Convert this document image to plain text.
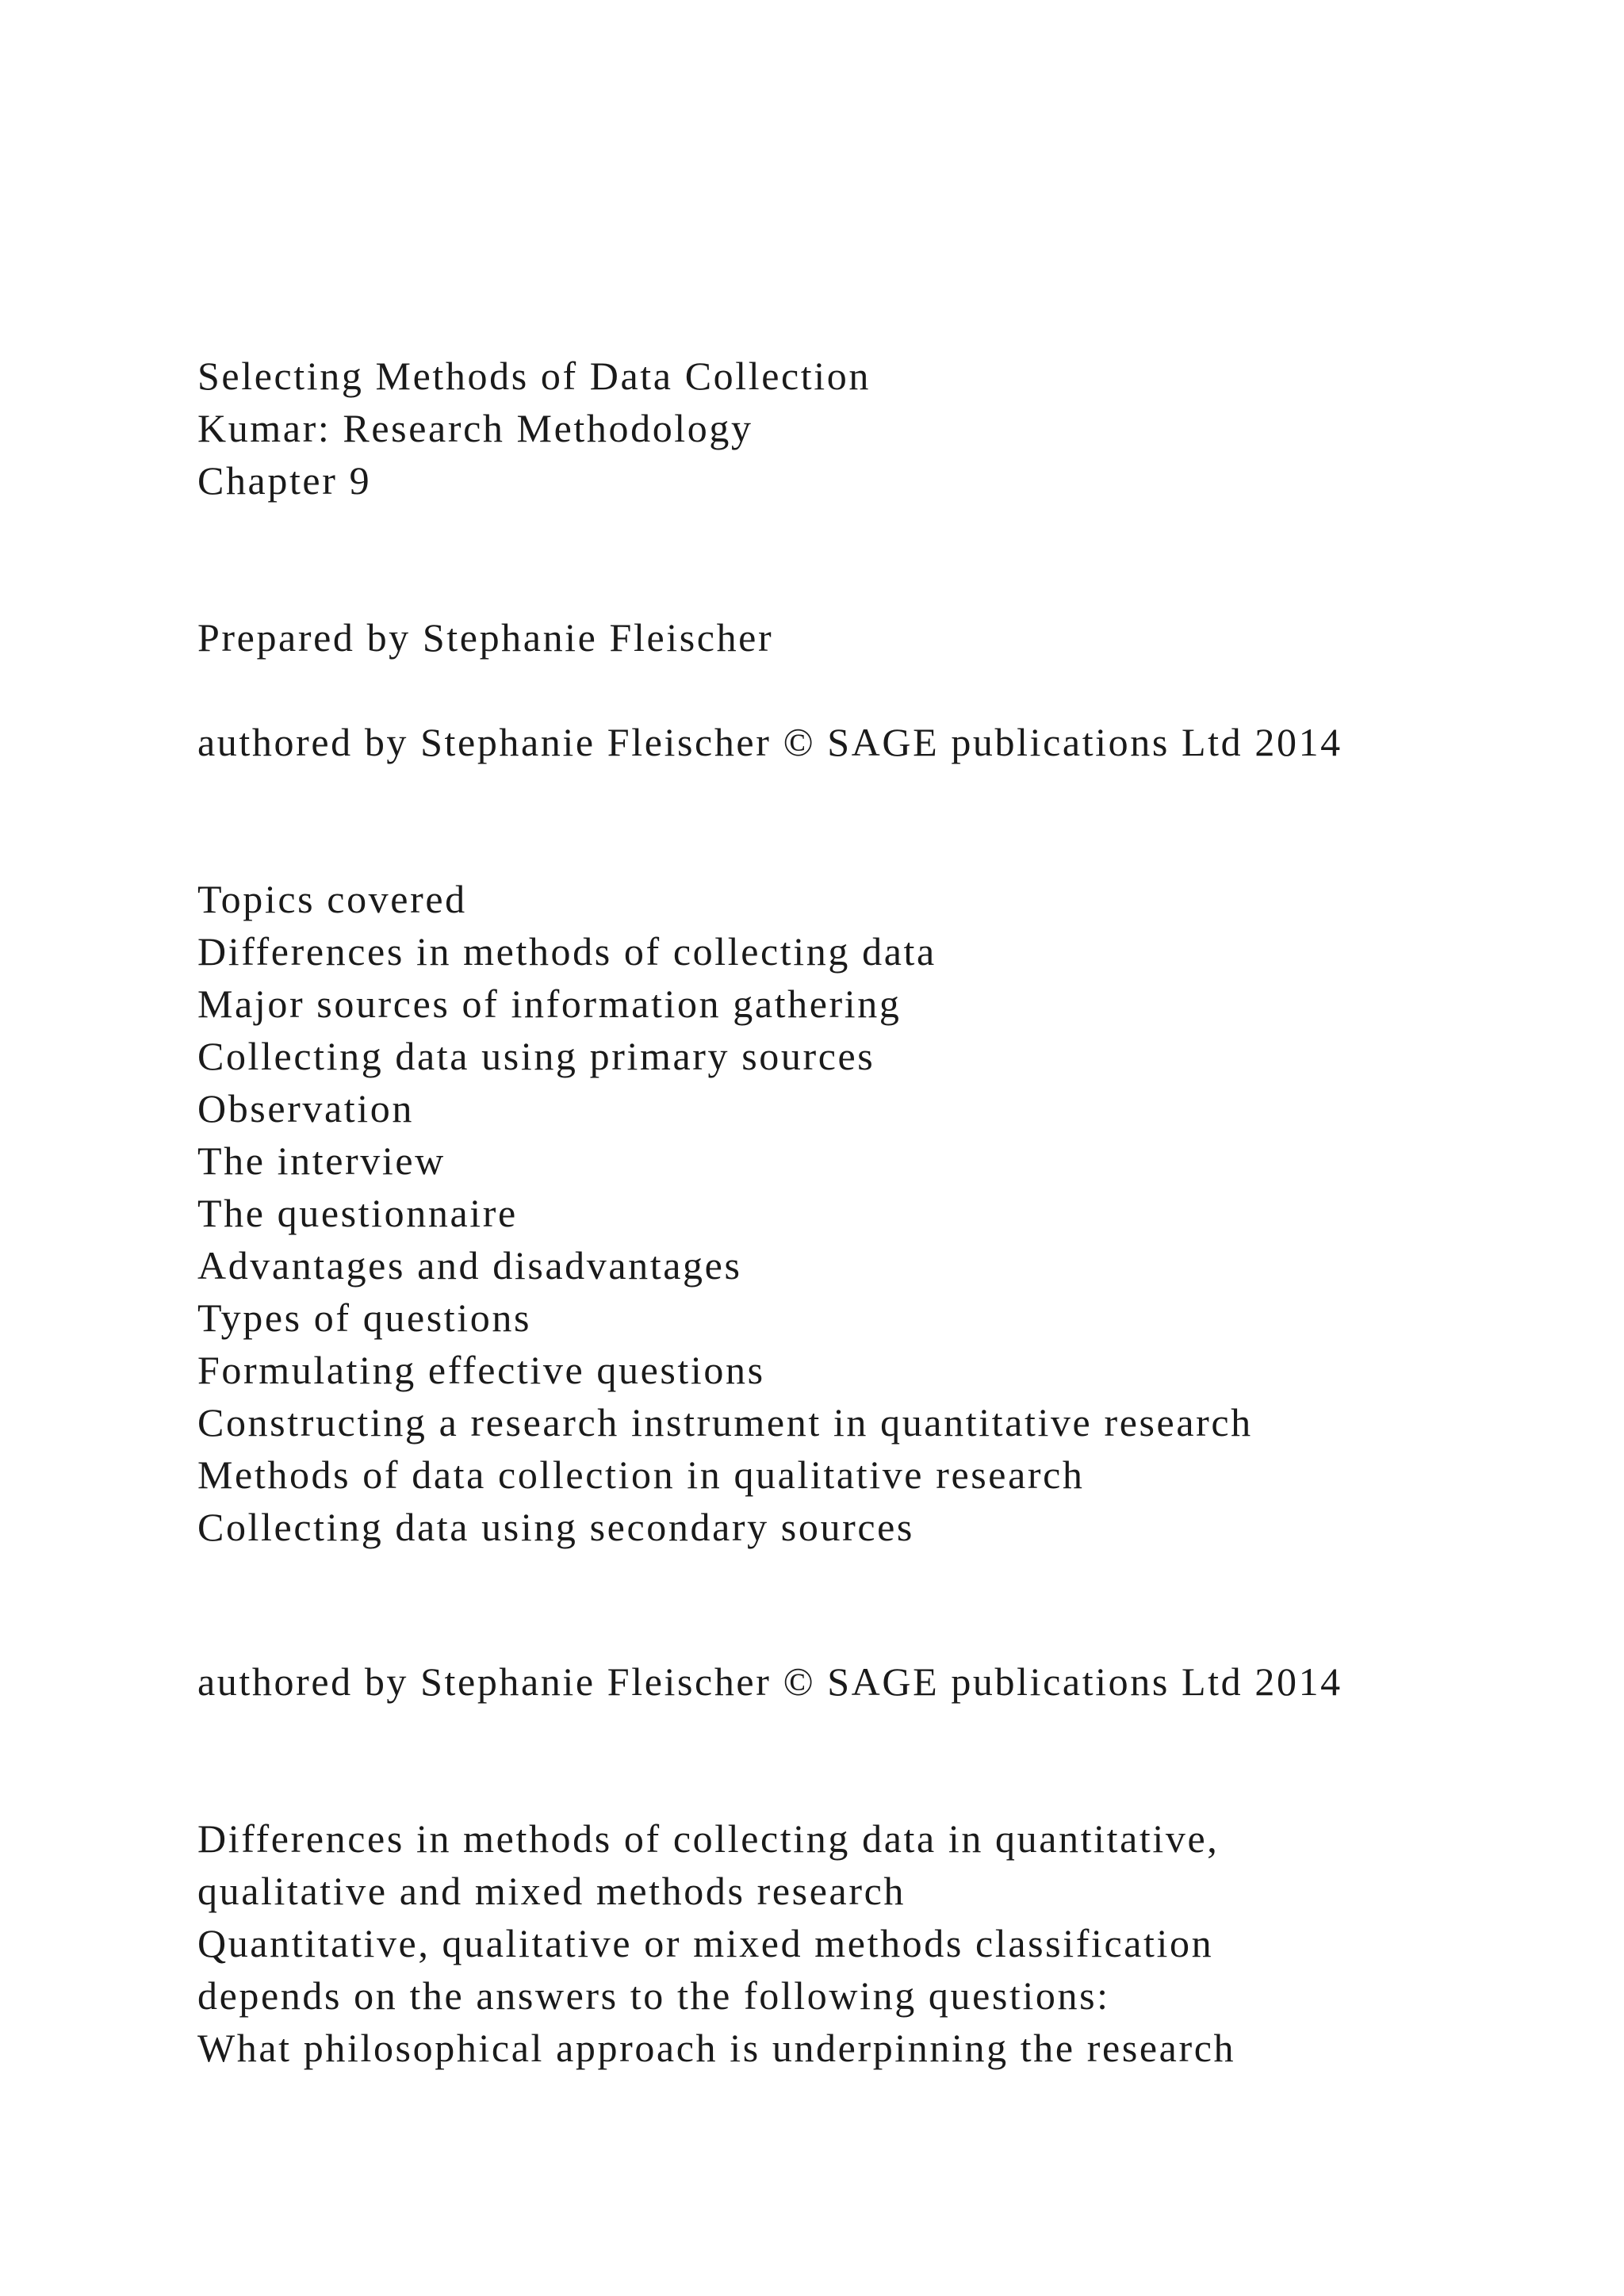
Selecting Methods of Data Collection
Kumar: Research Methodology
Chapter 9
Prepared by Stephanie Fleischer
authored by Stephanie Fleischer © SAGE publications Ltd 2014
Topics covered
Differences in methods of collecting data
Major sources of information gathering
Collecting data using primary sources
Observation
The interview
The questionnaire
Advantages and disadvantages
Types of questions
Formulating effective questions
Constructing a research instrument in quantitative research
Methods of data collection in qualitative research
Collecting data using secondary sources
authored by Stephanie Fleischer © SAGE publications Ltd 2014
Differences in methods of collecting data in quantitative,
qualitative and mixed methods research
Quantitative, qualitative or mixed methods classification
depends on the answers to the following questions:
What philosophical approach is underpinning the research
